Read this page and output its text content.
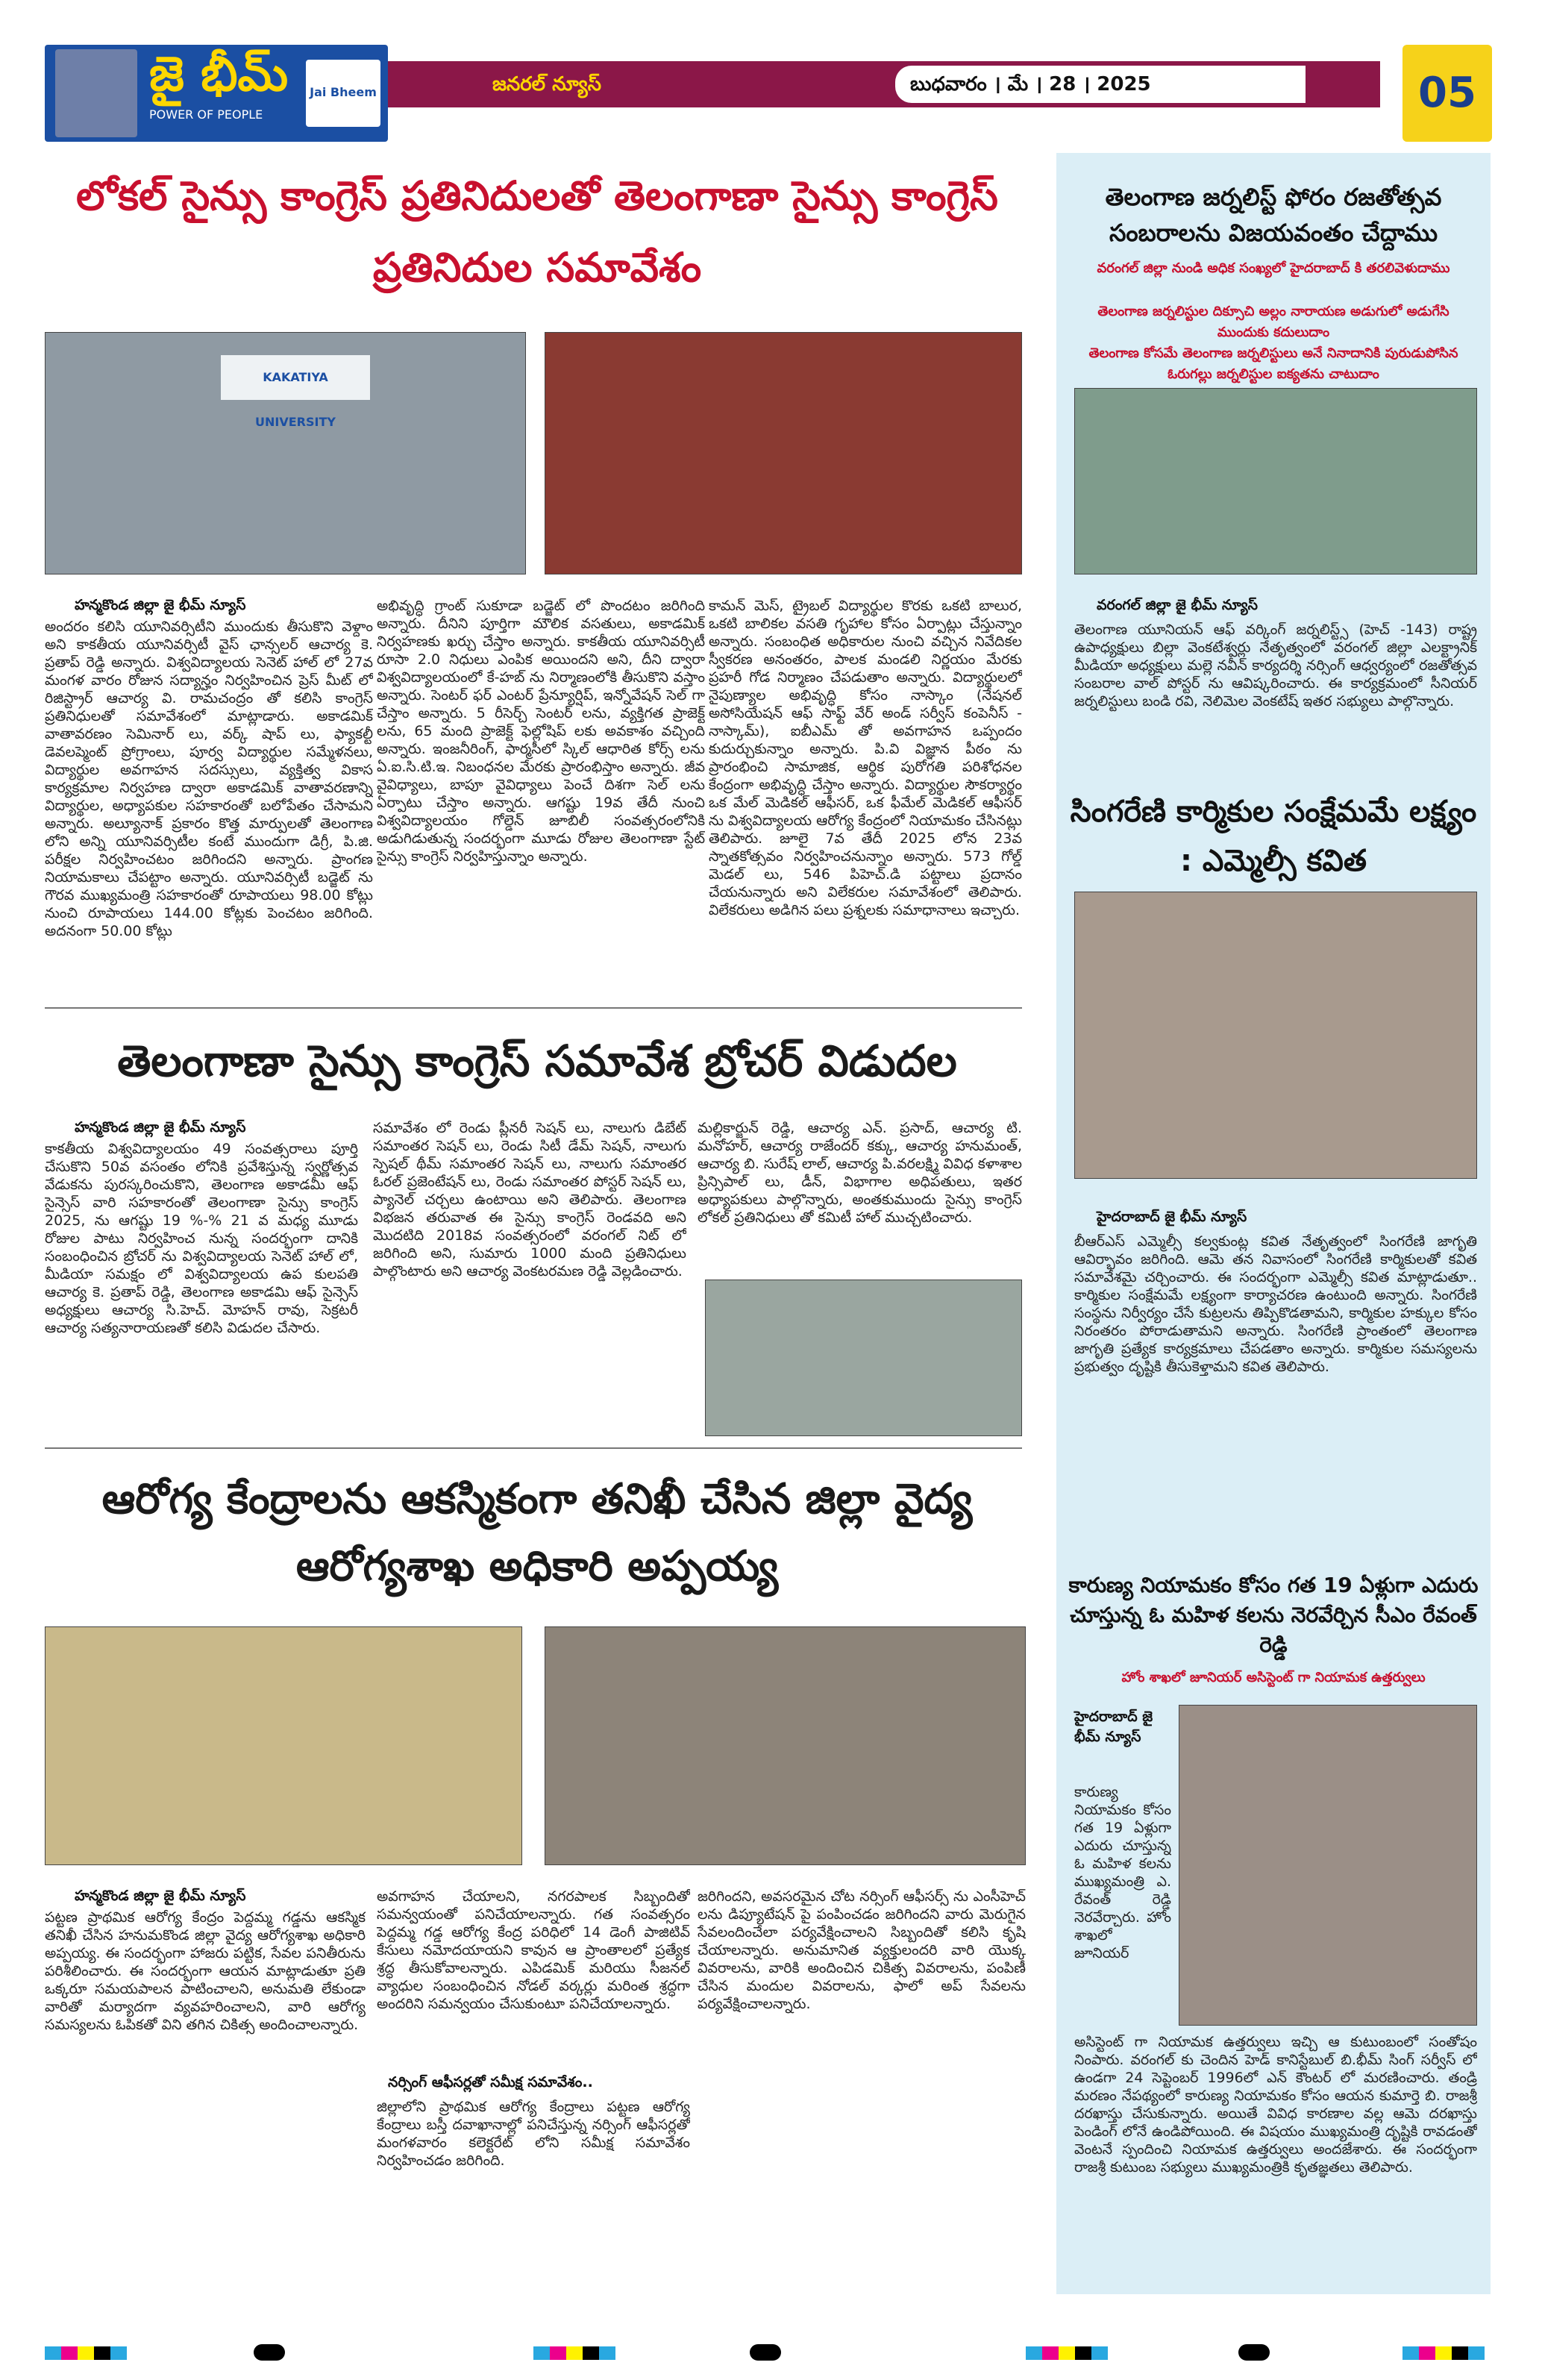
జై భీమ్
POWER OF PEOPLE
Jai Bheem	జనరల్ న్యూస్	బుధవారం । మే । 28 । 2025	05
లోకల్ సైన్సు కాంగ్రెస్ ప్రతినిదులతో తెలంగాణా సైన్సు కాంగ్రెస్ ప్రతినిదుల సమావేశం
KAKATIYA UNIVERSITY
హన్మకొండ జిల్లా జై భీమ్ న్యూస్
అందరం కలిసి యూనివర్సిటీని ముందుకు తీసుకొని వెళ్దాం అని కాకతీయ యూనివర్సిటీ వైస్ ఛాన్సలర్ ఆచార్య కె. ప్రతాప్ రెడ్డి అన్నారు. విశ్వవిద్యాలయ సెనెట్ హాల్ లో 27వ మంగళ వారం రోజున సద్యాన్హం నిర్వహించిన ప్రెస్ మీట్ లో రిజిస్ట్రార్ ఆచార్య వి. రామచంద్రం తో కలిసి కాంగ్రెస్ ప్రతినిధులతో సమావేశంలో మాట్లాడారు. అకాడమిక్ వాతావరణం సెమినార్ లు, వర్క్ షాప్ లు, ఫ్యాకల్టీ డెవలప్మెంట్ ప్రోగ్రాంలు, పూర్వ విద్యార్థుల సమ్మేళనలు, విద్యార్థుల అవగాహన సదస్సులు, వ్యక్తిత్వ వికాస కార్యక్రమాల నిర్వహణ ద్వారా అకాడమిక్ వాతావరణాన్ని విద్యార్థుల, అధ్యాపకుల సహకారంతో బలోపేతం చేసామని అన్నారు. అల్యూనాక్ ప్రకారం కొత్త మార్పులతో తెలంగాణ లోని అన్ని యూనివర్సిటీల కంటే ముందుగా డిగ్రీ, పి.జి. పరీక్షల నిర్వహించటం జరిగిందని అన్నారు. ప్రాంగణ నియామకాలు చేపట్టాం అన్నారు. యూనివర్సిటీ బడ్జెట్ ను గౌరవ ముఖ్యమంత్రి సహకారంతో రూపాయలు 98.00 కోట్లు నుంచి రూపాయలు 144.00 కోట్లకు పెంచటం జరిగింది. అదనంగా 50.00 కోట్లు
అభివృద్ధి గ్రాంట్ సుకూడా బడ్జెట్ లో పొందటం జరిగింది అన్నారు. దీనిని పూర్తిగా మౌలిక వసతులు, అకాడమిక్ నిర్వహణకు ఖర్చు చేస్తాం అన్నారు. కాకతీయ యూనివర్సిటీ రూసా 2.0 నిధులు ఎంపిక అయిందని అని, దీని ద్వారా విశ్వవిద్యాలయంలో కే-హబ్ ను నిర్మాణంలోకి తీసుకొని వస్తాం అన్నారు. సెంటర్ ఫర్ ఎంటర్ ప్రేన్యూర్షిప్, ఇన్నోవేషన్ సెల్ గా చేస్తాం అన్నారు. 5 రీసెర్చ్ సెంటర్ లను, వ్యక్తిగత ప్రాజెక్ట్ లను, 65 మంది ప్రాజెక్ట్ ఫెల్లోషిప్ లకు అవకాశం వచ్చింది అన్నారు. ఇంజనీరింగ్, ఫార్మసీలో స్కిల్ ఆధారిత కోర్స్ లను ఏ.ఐ.సి.టి.ఇ. నిబంధనల మేరకు ప్రారంభిస్తాం అన్నారు. జీవ వైవిధ్యాలు, బాపూ వైవిధ్యాలు పెంచే దిశగా సెల్ లను ఏర్పాటు చేస్తాం అన్నారు. ఆగష్టు 19వ తేదీ నుంచి విశ్వవిద్యాలయం గోల్డెన్ జూబిలీ సంవత్సరంలోనికి అడుగిడుతున్న సందర్భంగా మూడు రోజుల తెలంగాణా స్టేట్ సైన్సు కాంగ్రెస్ నిర్వహిస్తున్నాం అన్నారు.
కామన్ మెస్, ట్రైబల్ విద్యార్థుల కొరకు ఒకటి బాలుర, ఒకటి బాలికల వసతి గృహాల కోసం ఏర్పాట్లు చేస్తున్నాం అన్నారు. సంబంధిత అధికారుల నుంచి వచ్చిన నివేదికల స్వీకరణ అనంతరం, పాలక మండలి నిర్ణయం మేరకు ప్రహరీ గోడ నిర్మాణం చేపడుతాం అన్నారు. విద్యార్థులలో నైపుణ్యాల అభివృద్ధి కోసం నాస్కాం (నేషనల్ అసోసియేషన్ ఆఫ్ సాఫ్ట్ వేర్ అండ్ సర్వీస్ కంపెనీస్ - నాస్కామ్), ఐబీఎమ్ తో అవగాహన ఒప్పందం కుదుర్చుకున్నాం అన్నారు. పి.వి విజ్ఞాన పీఠం ను ప్రారంభించి సామాజిక, ఆర్థిక పురోగతి పరిశోధనల కేంద్రంగా అభివృద్ధి చేస్తాం అన్నారు. విద్యార్థుల సౌకర్యార్థం ఒక మేల్ మెడికల్ ఆఫీసర్, ఒక ఫీమేల్ మెడికల్ ఆఫీసర్ ను విశ్వవిద్యాలయ ఆరోగ్య కేంద్రంలో నియామకం చేసినట్లు తెలిపారు. జూలై 7వ తేదీ 2025 లోన 23వ స్నాతకోత్సవం నిర్వహించనున్నాం అన్నారు. 573 గోల్డ్ మెడల్ లు, 546 పిహెచ్.డి పట్టాలు ప్రదానం చేయనున్నారు అని విలేకరుల సమావేశంలో తెలిపారు. విలేకరులు అడిగిన పలు ప్రశ్నలకు సమాధానాలు ఇచ్చారు.
తెలంగాణా సైన్సు కాంగ్రెస్ సమావేశ బ్రోచర్ విడుదల
హన్మకొండ జిల్లా జై భీమ్ న్యూస్
కాకతీయ విశ్వవిద్యాలయం 49 సంవత్సరాలు పూర్తి చేసుకొని 50వ వసంతం లోనికి ప్రవేశిస్తున్న స్వర్ణోత్సవ వేడుకను పురస్కరించుకొని, తెలంగాణ అకాడమీ ఆఫ్ సైన్సెస్ వారి సహకారంతో తెలంగాణా సైన్సు కాంగ్రెస్ 2025, ను ఆగష్టు 19 %-% 21 వ మధ్య మూడు రోజుల పాటు నిర్వహించ నున్న సందర్భంగా దానికి సంబంధించిన బ్రోచర్ ను విశ్వవిద్యాలయ సెనెట్ హాల్ లో, మీడియా సమక్షం లో విశ్వవిద్యాలయ ఉప కులపతి ఆచార్య కె. ప్రతాప్ రెడ్డి, తెలంగాణ అకాడమి ఆఫ్ సైన్సెస్ అధ్యక్షులు ఆచార్య సి.హెచ్. మోహన్ రావు, సెక్రటరీ ఆచార్య సత్యనారాయణతో కలిసి విడుదల చేసారు.
సమావేశం లో రెండు ప్లీనరీ సెషన్ లు, నాలుగు డిబేట్ సమాంతర సెషన్ లు, రెండు సిటీ డేమ్ సెషన్, నాలుగు స్పెషల్ థీమ్ సమాంతర సెషన్ లు, నాలుగు సమాంతర ఓరల్ ప్రజెంటేషన్ లు, రెండు సమాంతర పోస్టర్ సెషన్ లు, ప్యానెల్ చర్చలు ఉంటాయి అని తెలిపారు. తెలంగాణ విభజన తరువాత ఈ సైన్సు కాంగ్రెస్ రెండవది అని మొదటిది 2018వ సంవత్సరంలో వరంగల్ నిట్ లో జరిగింది అని, సుమారు 1000 మంది ప్రతినిధులు పాల్గొంటారు అని ఆచార్య వెంకటరమణ రెడ్డి వెల్లడించారు.
మల్లికార్జున్ రెడ్డి, ఆచార్య ఎన్. ప్రసాద్, ఆచార్య టి. మనోహర్, ఆచార్య రాజేందర్ కక్కు, ఆచార్య హనుమంత్, ఆచార్య బి. సురేష్ లాల్, ఆచార్య పి.వరలక్ష్మి వివిధ కళాశాల ప్రిన్సిపాల్ లు, డీన్, విభాగాల అధిపతులు, ఇతర అధ్యాపకులు పాల్గొన్నారు, అంతకుముందు సైన్సు కాంగ్రెస్ లోకల్ ప్రతినిధులు తో కమిటీ హాల్ ముచ్చటించారు.
ఆరోగ్య కేంద్రాలను ఆకస్మికంగా తనిఖీ చేసిన జిల్లా వైద్య ఆరోగ్యశాఖ అధికారి అప్పయ్య
హన్మకొండ జిల్లా జై భీమ్ న్యూస్
పట్టణ ప్రాథమిక ఆరోగ్య కేంద్రం పెద్దమ్మ గడ్డను ఆకస్మిక తనిఖీ చేసిన హనుమకొండ జిల్లా వైద్య ఆరోగ్యశాఖ అధికారి అప్పయ్య. ఈ సందర్భంగా హాజరు పట్టిక, సేవల పనితీరును పరిశీలించారు. ఈ సందర్భంగా ఆయన మాట్లాడుతూ ప్రతి ఒక్కరూ సమయపాలన పాటించాలని, అనుమతి లేకుండా వారితో మర్యాదగా వ్యవహరించాలని, వారి ఆరోగ్య సమస్యలను ఓపికతో విని తగిన చికిత్స అందించాలన్నారు.
అవగాహన చేయాలని, నగరపాలక సిబ్బందితో సమన్వయంతో పనిచేయాలన్నారు. గత సంవత్సరం పెద్దమ్మ గడ్డ ఆరోగ్య కేంద్ర పరిధిలో 14 డెంగీ పాజిటివ్ కేసులు నమోదయాయని కావున ఆ ప్రాంతాలలో ప్రత్యేక శ్రద్ధ తీసుకోవాలన్నారు. ఎపిడమిక్ మరియు సీజనల్ వ్యాధుల సంబంధించిన నోడల్ వర్కర్లు మరింత శ్రద్ధగా అందరిని సమన్వయం చేసుకుంటూ పనిచేయాలన్నారు.
నర్సింగ్ ఆఫీసర్లతో సమీక్ష సమావేశం..
జిల్లాలోని ప్రాథమిక ఆరోగ్య కేంద్రాలు పట్టణ ఆరోగ్య కేంద్రాలు బస్తీ దవాఖానాల్లో పనిచేస్తున్న నర్సింగ్ ఆఫీసర్లతో మంగళవారం కలెక్టరేట్ లోని సమీక్ష సమావేశం నిర్వహించడం జరిగింది.
జరిగిందని, అవసరమైన చోట నర్సింగ్ ఆఫీసర్స్ ను ఎంసీహెచ్ లను డిప్యూటేషన్ పై పంపించడం జరిగిందని వారు మెరుగైన సేవలందించేలా పర్యవేక్షించాలని సిబ్బందితో కలిసి కృషి చేయాలన్నారు. అనుమానిత వ్యక్తులందరి వారి యొక్క వివరాలను, వారికి అందించిన చికిత్స వివరాలను, పంపిణీ చేసిన మందుల వివరాలను, ఫాలో అప్ సేవలను పర్యవేక్షించాలన్నారు.
తెలంగాణ జర్నలిస్ట్ ఫోరం రజతోత్సవ సంబరాలను విజయవంతం చేద్దాము
వరంగల్ జిల్లా నుండి అధిక సంఖ్యలో హైదరాబాద్ కి తరలివెళుదాము
తెలంగాణ జర్నలిస్టుల దిక్సూచి అల్లం నారాయణ అడుగులో అడుగేసి ముందుకు కదులుదాం
తెలంగాణ కోసమే తెలంగాణ జర్నలిస్టులు అనే నినాదానికి పురుడుపోసిన ఓరుగల్లు జర్నలిస్టుల ఐక్యతను చాటుదాం
వరంగల్ జిల్లా జై భీమ్ న్యూస్
తెలంగాణ యూనియన్ ఆఫ్ వర్కింగ్ జర్నలిస్ట్స్ (హెచ్ -143) రాష్ట్ర ఉపాధ్యక్షులు బిల్లా వెంకటేశ్వర్లు నేతృత్వంలో వరంగల్ జిల్లా ఎలక్ట్రానిక్ మీడియా అధ్యక్షులు మల్లె నవీన్ కార్యదర్శి నర్సింగ్ ఆధ్వర్యంలో రజతోత్సవ సంబరాల వాల్ పోస్టర్ ను ఆవిష్కరించారు. ఈ కార్యక్రమంలో సీనియర్ జర్నలిస్టులు బండి రవి, నెలిమెల వెంకటేష్ ఇతర సభ్యులు పాల్గొన్నారు.
సింగరేణి కార్మికుల సంక్షేమమే లక్ష్యం : ఎమ్మెల్సీ కవిత
హైదరాబాద్ జై భీమ్ న్యూస్
బీఆర్ఎస్ ఎమ్మెల్సీ కల్వకుంట్ల కవిత నేతృత్వంలో సింగరేణి జాగృతి ఆవిర్భావం జరిగింది. ఆమె తన నివాసంలో సింగరేణి కార్మికులతో కవిత సమావేశమై చర్చించారు. ఈ సందర్భంగా ఎమ్మెల్సీ కవిత మాట్లాడుతూ.. కార్మికుల సంక్షేమమే లక్ష్యంగా కార్యాచరణ ఉంటుంది అన్నారు. సింగరేణి సంస్థను నిర్వీర్యం చేసే కుట్రలను తిప్పికొడతామని, కార్మికుల హక్కుల కోసం నిరంతరం పోరాడుతామని అన్నారు. సింగరేణి ప్రాంతంలో తెలంగాణ జాగృతి ప్రత్యేక కార్యక్రమాలు చేపడతాం అన్నారు. కార్మికుల సమస్యలను ప్రభుత్వం దృష్టికి తీసుకెళ్తామని కవిత తెలిపారు.
కారుణ్య నియామకం కోసం గత 19 ఏళ్లుగా ఎదురు చూస్తున్న ఓ మహిళ కలను నెరవేర్చిన సీఎం రేవంత్ రెడ్డి
హోం శాఖలో జూనియర్ అసిస్టెంట్ గా నియామక ఉత్తర్వులు
హైదరాబాద్ జై భీమ్ న్యూస్
కారుణ్య నియామకం కోసం గత 19 ఏళ్లుగా ఎదురు చూస్తున్న ఓ మహిళ కలను ముఖ్యమంత్రి ఎ. రేవంత్ రెడ్డి నెరవేర్చారు. హోం శాఖలో జూనియర్
అసిస్టెంట్ గా నియామక ఉత్తర్వులు ఇచ్చి ఆ కుటుంబంలో సంతోషం నింపారు. వరంగల్ కు చెందిన హెడ్ కానిస్టేబుల్ బి.భీమ్ సింగ్ సర్వీస్ లో ఉండగా 24 సెప్టెంబర్ 1996లో ఎన్ కౌంటర్ లో మరణించారు. తండ్రి మరణం నేపథ్యంలో కారుణ్య నియామకం కోసం ఆయన కుమార్తె బి. రాజశ్రీ దరఖాస్తు చేసుకున్నారు. అయితే వివిధ కారణాల వల్ల ఆమె దరఖాస్తు పెండింగ్ లోనే ఉండిపోయింది. ఈ విషయం ముఖ్యమంత్రి దృష్టికి రావడంతో వెంటనే స్పందించి నియామక ఉత్తర్వులు అందజేశారు. ఈ సందర్భంగా రాజశ్రీ కుటుంబ సభ్యులు ముఖ్యమంత్రికి కృతజ్ఞతలు తెలిపారు.
